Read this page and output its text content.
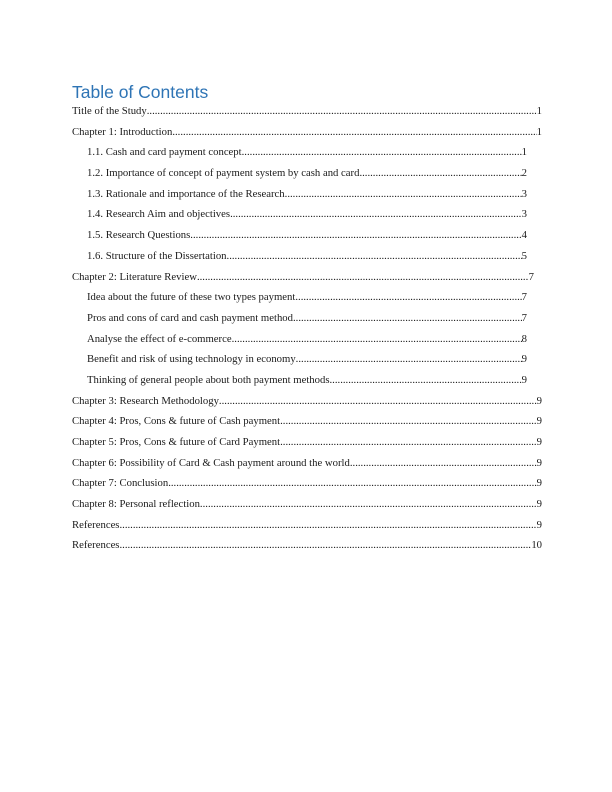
Table of Contents
Title of the Study .....	1
Chapter 1: Introduction .....	1
1.1. Cash and card payment concept .....	1
1.2. Importance of concept of payment system by cash and card .....	2
1.3. Rationale and importance of the Research .....	3
1.4. Research Aim and objectives .....	3
1.5. Research Questions .....	4
1.6. Structure of the Dissertation .....	5
Chapter 2: Literature Review .....	7
Idea about the future of these two types payment .....	7
Pros and cons of card and cash payment method .....	7
Analyse the effect of e-commerce .....	8
Benefit and risk of using technology in economy .....	9
Thinking of general people about both payment methods .....	9
Chapter 3: Research Methodology .....	9
Chapter 4: Pros, Cons & future of Cash payment .....	9
Chapter 5: Pros, Cons & future of Card Payment .....	9
Chapter 6: Possibility of Card & Cash payment around the world .....	9
Chapter 7: Conclusion .....	9
Chapter 8: Personal reflection .....	9
References .....	9
References .....	10
